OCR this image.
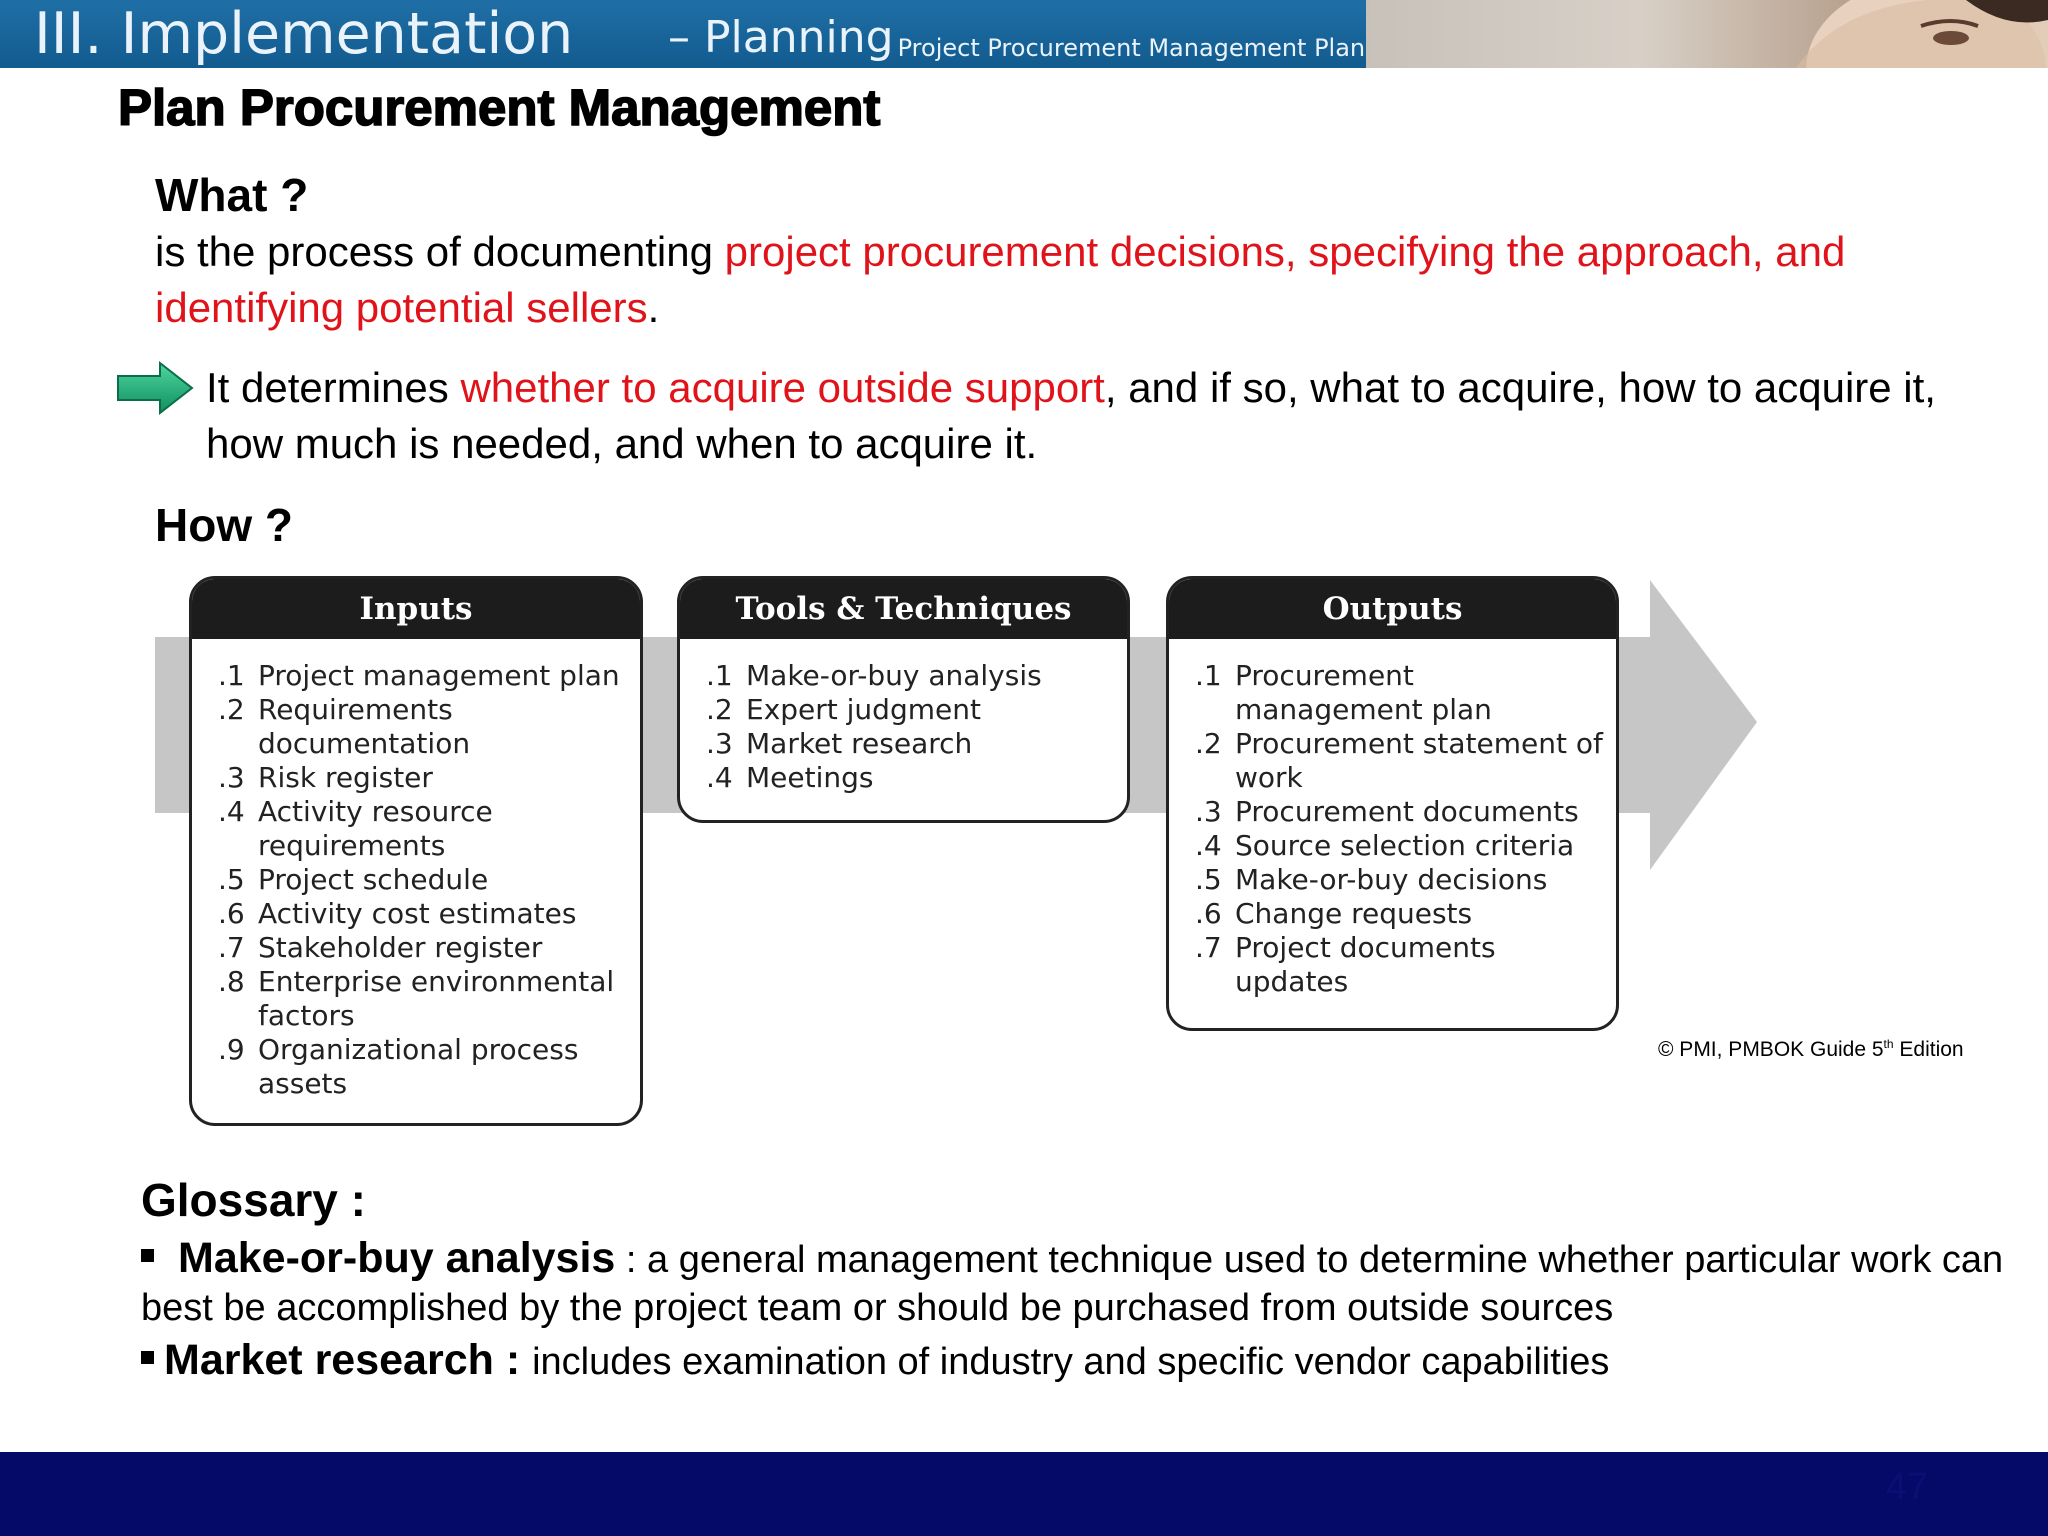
III. Implementation – Planning
– Project Procurement Management Plan
Plan Procurement Management
What ?
is the process of documenting project procurement decisions, specifying the approach, and identifying potential sellers.
It determines whether to acquire outside support, and if so, what to acquire, how to acquire it, how much is needed, and when to acquire it.
How ?
Inputs
.1 Project management plan
.2 Requirements documentation
.3 Risk register
.4 Activity resource requirements
.5 Project schedule
.6 Activity cost estimates
.7 Stakeholder register
.8 Enterprise environmental factors
.9 Organizational process assets
Tools & Techniques
.1 Make-or-buy analysis
.2 Expert judgment
.3 Market research
.4 Meetings
Outputs
.1 Procurement management plan
.2 Procurement statement of work
.3 Procurement documents
.4 Source selection criteria
.5 Make-or-buy decisions
.6 Change requests
.7 Project documents updates
© PMI, PMBOK Guide 5th Edition
Glossary :
Make-or-buy analysis : a general management technique used to determine whether particular work can best be accomplished by the project team or should be purchased from outside sources
Market research : includes examination of industry and specific vendor capabilities
47
